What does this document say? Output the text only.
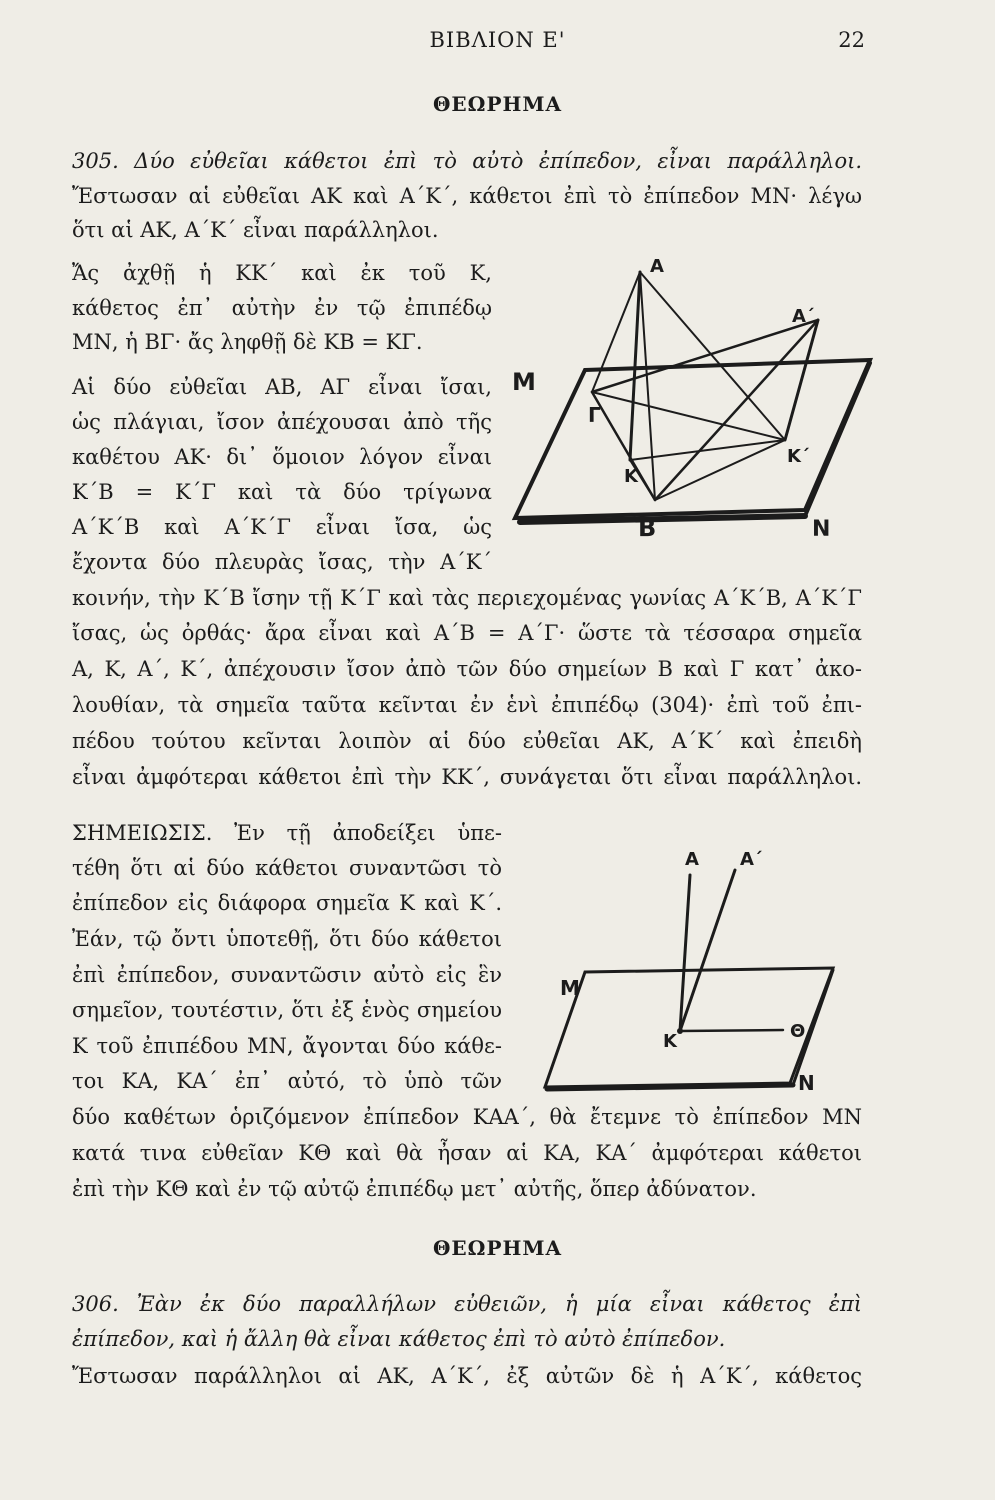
ΒΙΒΛΙΟΝ Ε'	22
ΘΕΩΡΗΜΑ
305. Δύο εὐθεῖαι κάθετοι ἐπὶ τὸ αὐτὸ ἐπίπεδον, εἶναι παράλληλοι.
Ἔστωσαν αἱ εὐθεῖαι ΑΚ καὶ Α΄Κ΄, κάθετοι ἐπὶ τὸ ἐπίπεδον ΜΝ· λέγω
ὅτι αἱ ΑΚ, Α΄Κ΄ εἶναι παράλληλοι.
Ἄς ἀχθῇ ἡ ΚΚ΄ καὶ ἐκ τοῦ Κ,
κάθετος ἐπ᾽ αὐτὴν ἐν τῷ ἐπιπέδῳ
ΜΝ, ἡ ΒΓ· ἄς ληφθῇ δὲ ΚΒ = ΚΓ.
Αἱ δύο εὐθεῖαι ΑΒ, ΑΓ εἶναι ἴσαι,
ὡς πλάγιαι, ἴσον ἀπέχουσαι ἀπὸ τῆς
καθέτου ΑΚ· δι᾽ ὅμοιον λόγον εἶναι
Κ΄Β = Κ΄Γ καὶ τὰ δύο τρίγωνα
Α΄Κ΄Β καὶ Α΄Κ΄Γ εἶναι ἴσα, ὡς
ἔχοντα δύο πλευρὰς ἴσας, τὴν Α΄Κ΄
κοινήν, τὴν Κ΄Β ἴσην τῇ Κ΄Γ καὶ τὰς περιεχομένας γωνίας Α΄Κ΄Β, Α΄Κ΄Γ
ἴσας, ὡς ὀρθάς· ἄρα εἶναι καὶ Α΄Β = Α΄Γ· ὥστε τὰ τέσσαρα σημεῖα
Α, Κ, Α΄, Κ΄, ἀπέχουσιν ἴσον ἀπὸ τῶν δύο σημείων Β καὶ Γ κατ᾽ ἀκο-
λουθίαν, τὰ σημεῖα ταῦτα κεῖνται ἐν ἑνὶ ἐπιπέδῳ (304)· ἐπὶ τοῦ ἐπι-
πέδου τούτου κεῖνται λοιπὸν αἱ δύο εὐθεῖαι ΑΚ, Α΄Κ΄ καὶ ἐπειδὴ
εἶναι ἀμφότεραι κάθετοι ἐπὶ τὴν ΚΚ΄, συνάγεται ὅτι εἶναι παράλληλοι.
ΣΗΜΕΙΩΣΙΣ. Ἐν τῇ ἀποδείξει ὑπε-
τέθη ὅτι αἱ δύο κάθετοι συναντῶσι τὸ
ἐπίπεδον εἰς διάφορα σημεῖα Κ καὶ Κ΄.
Ἐάν, τῷ ὄντι ὑποτεθῇ, ὅτι δύο κάθετοι
ἐπὶ ἐπίπεδον, συναντῶσιν αὐτὸ εἰς ἓν
σημεῖον, τουτέστιν, ὅτι ἐξ ἑνὸς σημείου
Κ τοῦ ἐπιπέδου ΜΝ, ἄγονται δύο κάθε-
τοι ΚΑ, ΚΑ΄ ἐπ᾽ αὐτό, τὸ ὑπὸ τῶν
δύο καθέτων ὁριζόμενον ἐπίπεδον ΚΑΑ΄, θὰ ἔτεμνε τὸ ἐπίπεδον ΜΝ
κατά τινα εὐθεῖαν ΚΘ καὶ θὰ ἦσαν αἱ ΚΑ, ΚΑ΄ ἀμφότεραι κάθετοι
ἐπὶ τὴν ΚΘ καὶ ἐν τῷ αὐτῷ ἐπιπέδῳ μετ᾽ αὐτῆς, ὅπερ ἀδύνατον.
ΘΕΩΡΗΜΑ
306. Ἐὰν ἐκ δύο παραλλήλων εὐθειῶν, ἡ μία εἶναι κάθετος ἐπὶ
ἐπίπεδον, καὶ ἡ ἄλλη θὰ εἶναι κάθετος ἐπὶ τὸ αὐτὸ ἐπίπεδον.
Ἔστωσαν παράλληλοι αἱ ΑΚ, Α΄Κ΄, ἐξ αὐτῶν δὲ ἡ Α΄Κ΄, κάθετος
Α
Α΄
Μ
Γ
Κ΄
Κ
Β	Ν
Α Α΄
Μ
Κ	Θ
Ν
